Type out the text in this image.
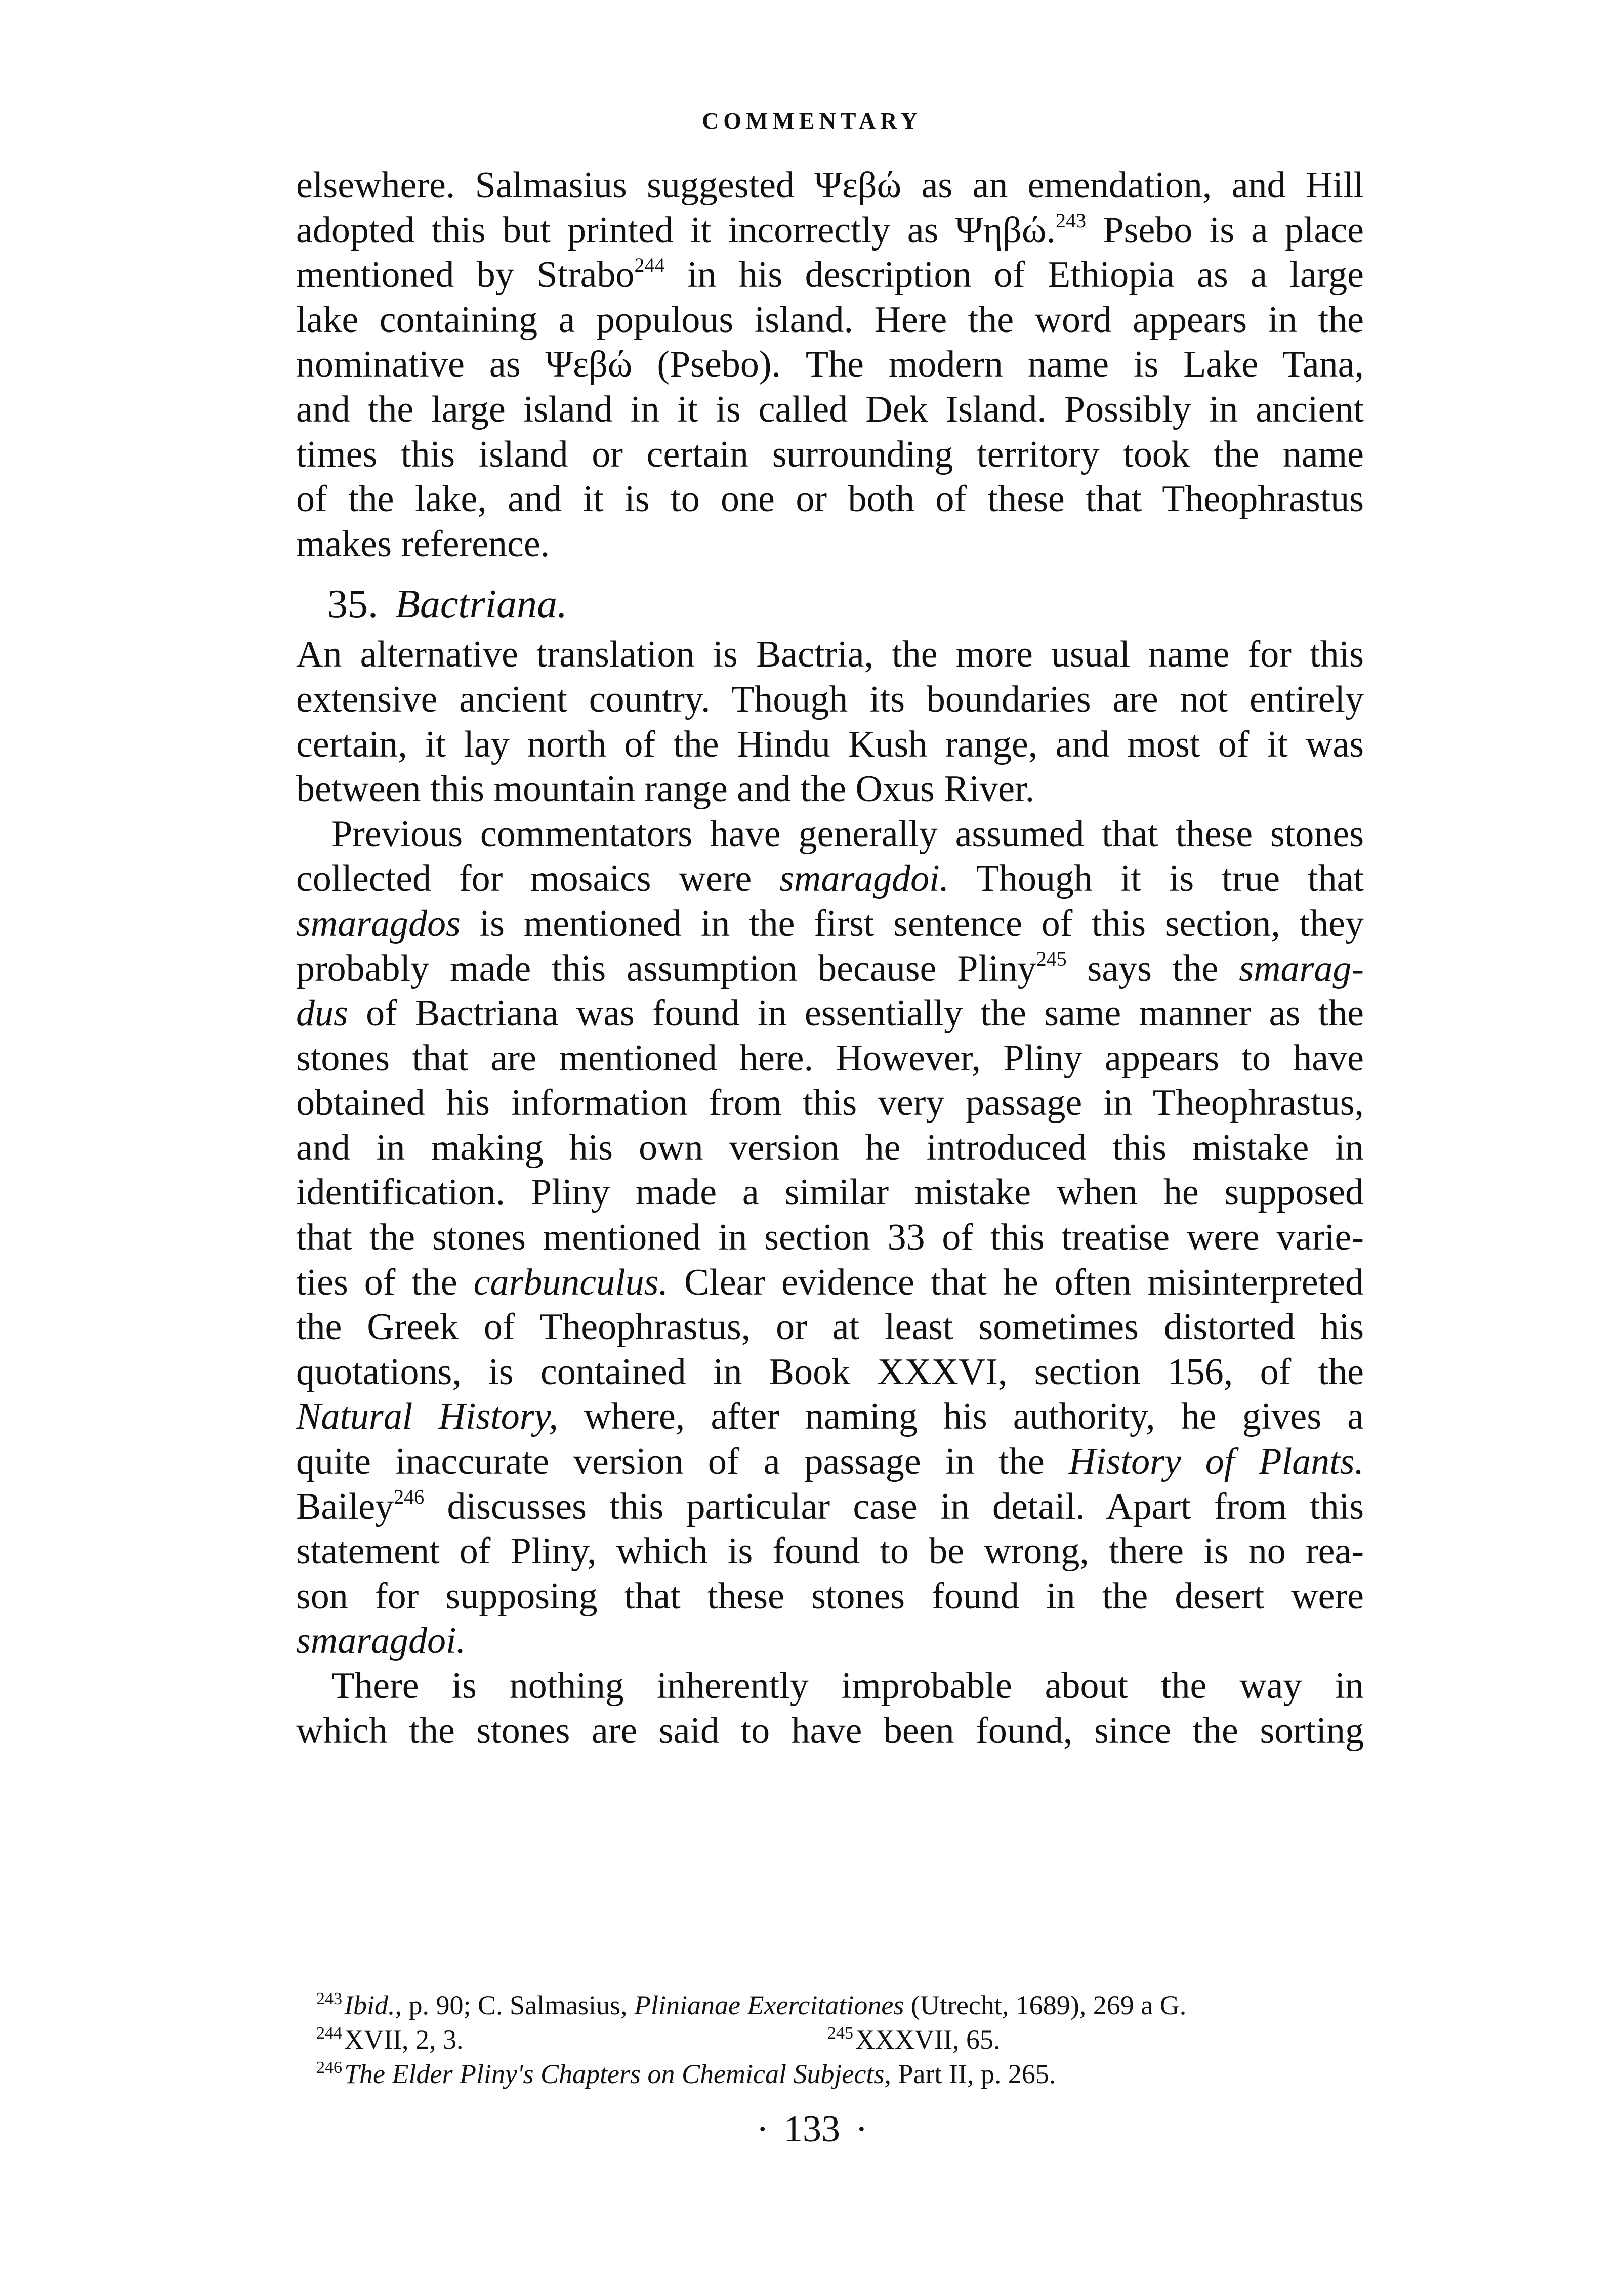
COMMENTARY

elsewhere. Salmasius suggested Ψεβώ as an emendation, and Hill
adopted this but printed it incorrectly as Ψηβώ.$^{243}$ Psebo is a place
mentioned by Strabo$^{244}$ in his description of Ethiopia as a large
lake containing a populous island. Here the word appears in the
nominative as Ψεβώ (Psebo). The modern name is Lake Tana,
and the large island in it is called Dek Island. Possibly in ancient
times this island or certain surrounding territory took the name
of the lake, and it is to one or both of these that Theophrastus
makes reference.
35. Bactriana.
An alternative translation is Bactria, the more usual name for this
extensive ancient country. Though its boundaries are not entirely
certain, it lay north of the Hindu Kush range, and most of it was
between this mountain range and the Oxus River.
Previous commentators have generally assumed that these stones
collected for mosaics were smaragdoi. Though it is true that
smaragdos is mentioned in the first sentence of this section, they
probably made this assumption because Pliny$^{245}$ says the smarag-
dus of Bactriana was found in essentially the same manner as the
stones that are mentioned here. However, Pliny appears to have
obtained his information from this very passage in Theophrastus,
and in making his own version he introduced this mistake in
identification. Pliny made a similar mistake when he supposed
that the stones mentioned in section 33 of this treatise were varie-
ties of the carbunculus. Clear evidence that he often misinterpreted
the Greek of Theophrastus, or at least sometimes distorted his
quotations, is contained in Book XXXVI, section 156, of the
Natural History, where, after naming his authority, he gives a
quite inaccurate version of a passage in the History of Plants.
Bailey$^{246}$ discusses this particular case in detail. Apart from this
statement of Pliny, which is found to be wrong, there is no rea-
son for supposing that these stones found in the desert were
smaragdoi.
There is nothing inherently improbable about the way in
which the stones are said to have been found, since the sorting
$^{243}$Ibid., p. 90; C. Salmasius, Plinianae Exercitationes (Utrecht, 1689), 269 a G.
$^{244}$XVII, 2, 3.	$^{245}$XXXVII, 65.
$^{246}$The Elder Pliny's Chapters on Chemical Subjects, Part II, p. 265.

· 133 ·
